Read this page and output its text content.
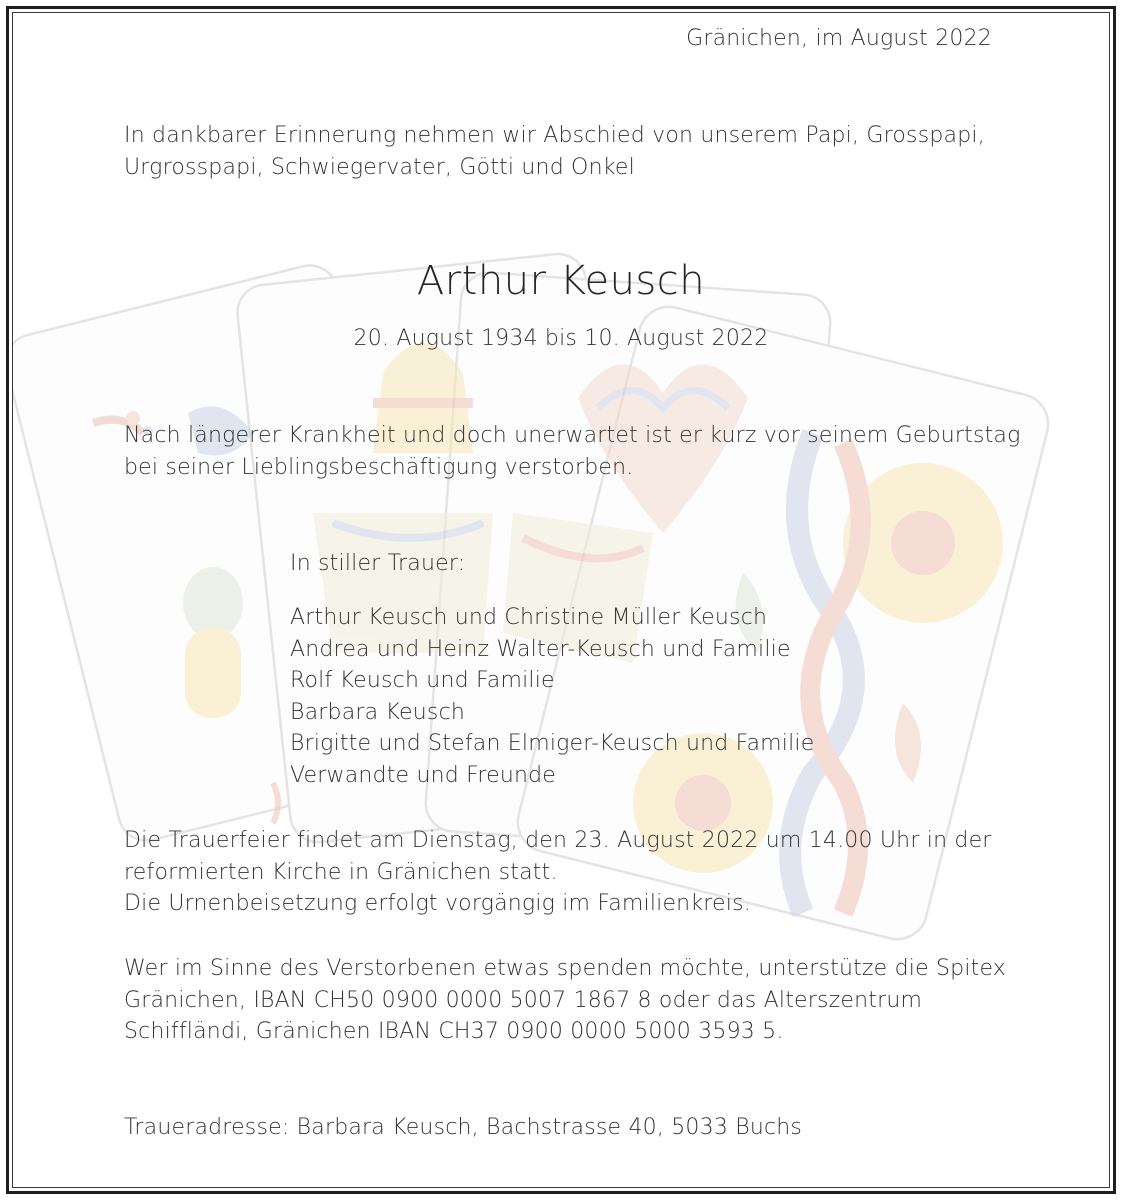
Gränichen, im August 2022
In dankbarer Erinnerung nehmen wir Abschied von unserem Papi, Grosspapi,
Urgrosspapi, Schwiegervater, Götti und Onkel
Arthur Keusch
20. August 1934 bis 10. August 2022
Nach längerer Krankheit und doch unerwartet ist er kurz vor seinem Geburtstag
bei seiner Lieblingsbeschäftigung verstorben.
In stiller Trauer:
Arthur Keusch und Christine Müller Keusch
Andrea und Heinz Walter-Keusch und Familie
Rolf Keusch und Familie
Barbara Keusch
Brigitte und Stefan Elmiger-Keusch und Familie
Verwandte und Freunde
Die Trauerfeier findet am Dienstag, den 23. August 2022 um 14.00 Uhr in der
reformierten Kirche in Gränichen statt.
Die Urnenbeisetzung erfolgt vorgängig im Familienkreis.
Wer im Sinne des Verstorbenen etwas spenden möchte, unterstütze die Spitex
Gränichen, IBAN CH50 0900 0000 5007 1867 8 oder das Alterszentrum
Schiffländi, Gränichen IBAN CH37 0900 0000 5000 3593 5.
Traueradresse: Barbara Keusch, Bachstrasse 40, 5033 Buchs
